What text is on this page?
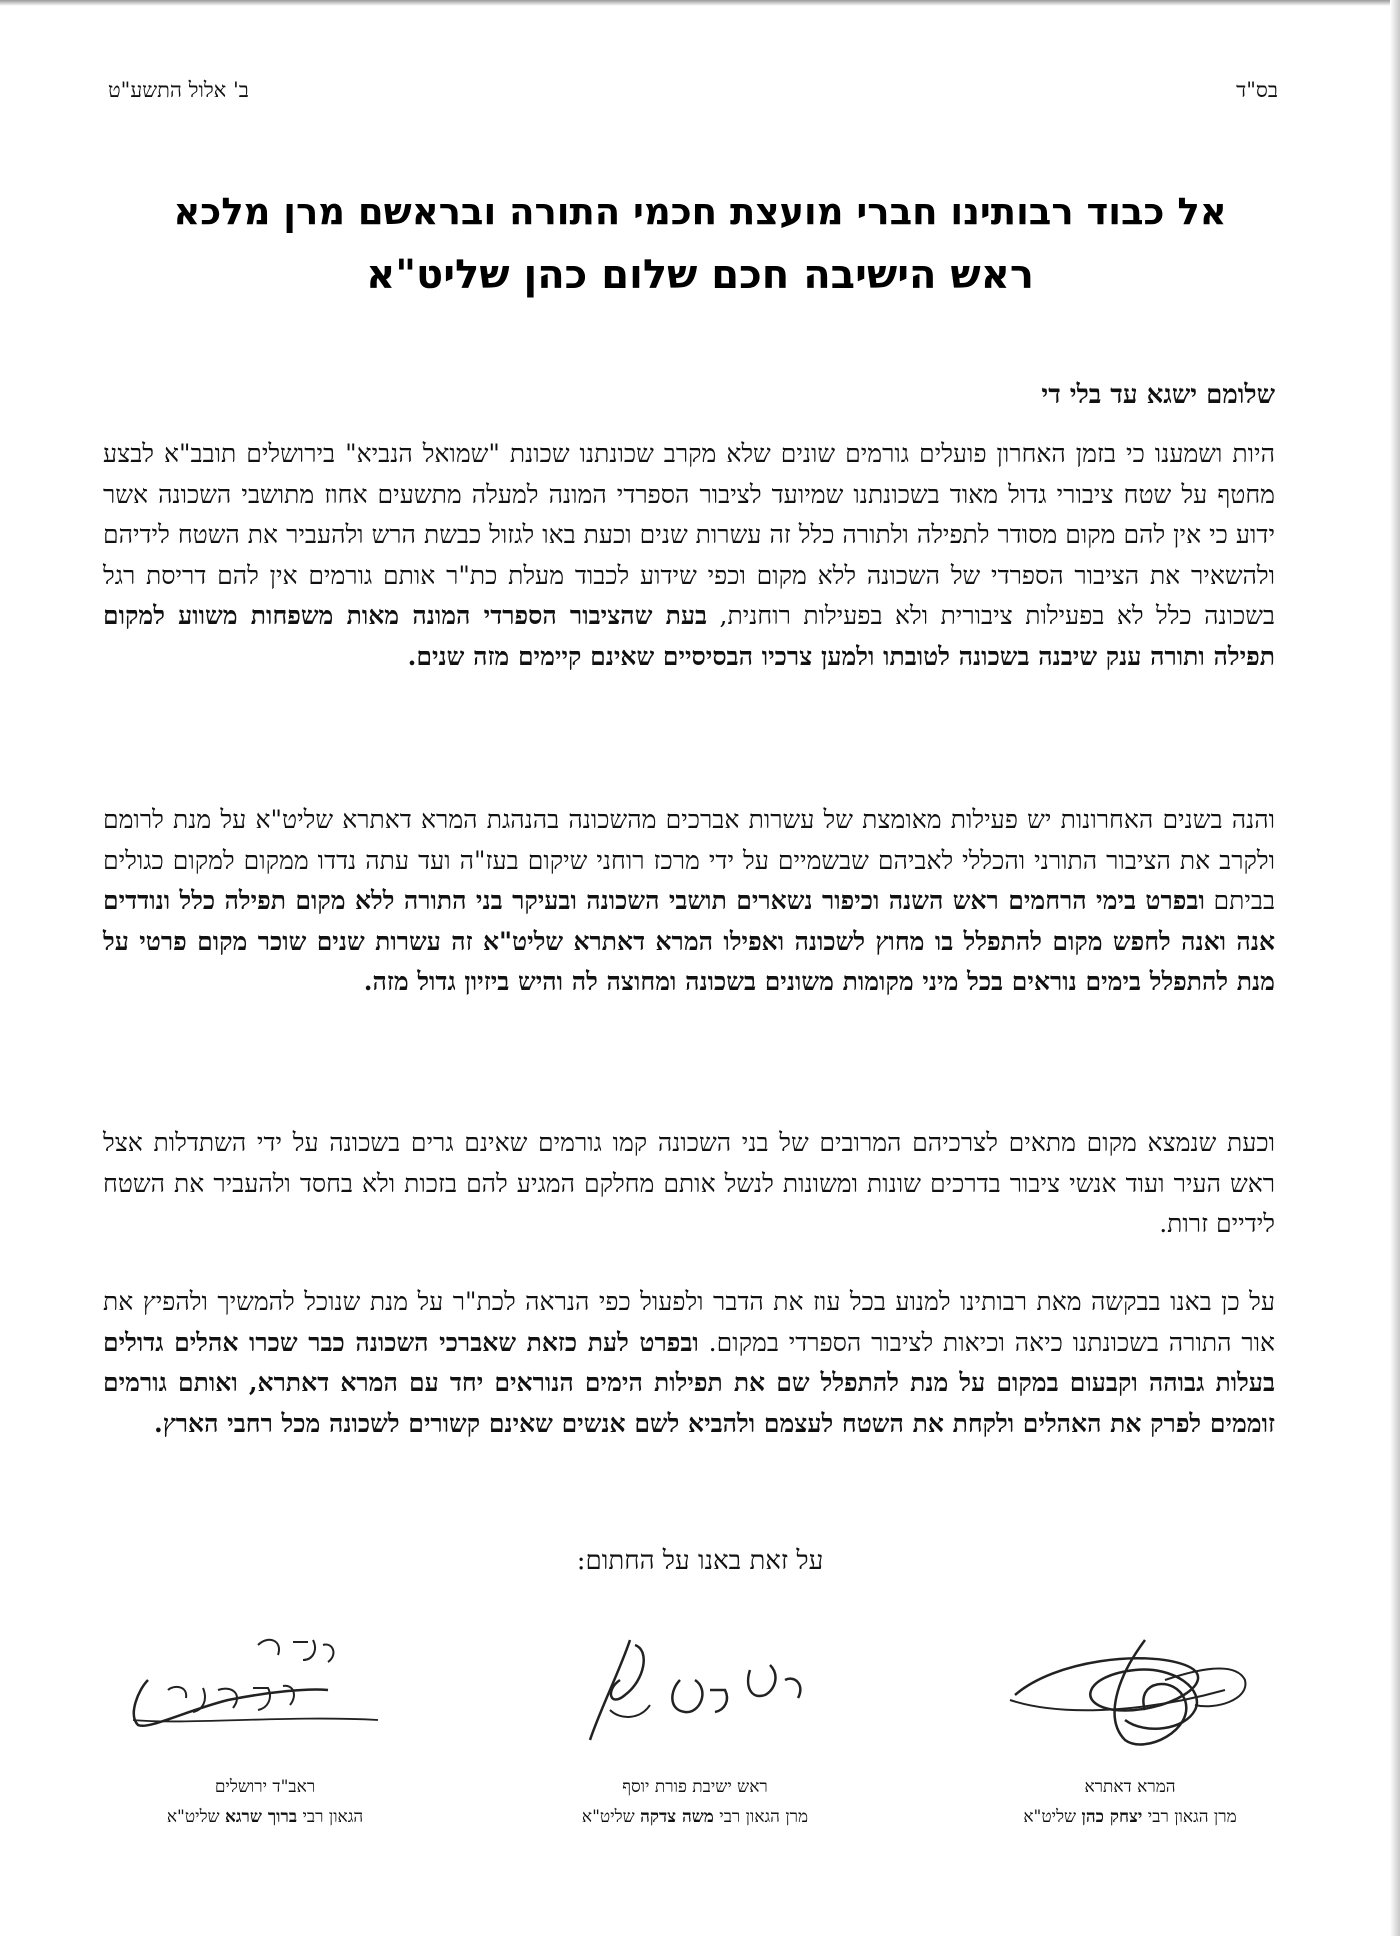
בס"ד
ב' אלול התשע"ט
אל כבוד רבותינו חברי מועצת חכמי התורה ובראשם מרן מלכא
ראש הישיבה חכם שלום כהן שליט"א
שלומם ישגא עד בלי די

היות ושמענו כי בזמן האחרון פועלים גורמים שונים שלא מקרב שכונתנו שכונת "שמואל הנביא" בירושלים תובב"א לבצע מחטף על שטח ציבורי גדול מאוד בשכונתנו שמיועד לציבור הספרדי המונה למעלה מתשעים אחוז מתושבי השכונה אשר ידוע כי אין להם מקום מסודר לתפילה ולתורה כלל זה עשרות שנים וכעת באו לגזול כבשת הרש ולהעביר את השטח לידיהם ולהשאיר את הציבור הספרדי של השכונה ללא מקום וכפי שידוע לכבוד מעלת כת"ר אותם גורמים אין להם דריסת רגל בשכונה כלל לא בפעילות ציבורית ולא בפעילות רוחנית, בעת שהציבור הספרדי המונה מאות משפחות משווע למקום תפילה ותורה ענק שיבנה בשכונה לטובתו ולמען צרכיו הבסיסיים שאינם קיימים מזה שנים.

והנה בשנים האחרונות יש פעילות מאומצת של עשרות אברכים מהשכונה בהנהגת המרא דאתרא שליט"א על מנת לרומם ולקרב את הציבור התורני והכללי לאביהם שבשמיים על ידי מרכז רוחני שיקום בעז"ה ועד עתה נדדו ממקום למקום כגולים בביתם ובפרט בימי הרחמים ראש השנה וכיפור נשארים תושבי השכונה ובעיקר בני התורה ללא מקום תפילה כלל ונודדים אנה ואנה לחפש מקום להתפלל בו מחוץ לשכונה ואפילו המרא דאתרא שליט"א זה עשרות שנים שוכר מקום פרטי על מנת להתפלל בימים נוראים בכל מיני מקומות משונים בשכונה ומחוצה לה והיש ביזיון גדול מזה.

וכעת שנמצא מקום מתאים לצרכיהם המרובים של בני השכונה קמו גורמים שאינם גרים בשכונה על ידי השתדלות אצל ראש העיר ועוד אנשי ציבור בדרכים שונות ומשונות לנשל אותם מחלקם המגיע להם בזכות ולא בחסד ולהעביר את השטח לידיים זרות.

על כן באנו בבקשה מאת רבותינו למנוע בכל עוז את הדבר ולפעול כפי הנראה לכת"ר על מנת שנוכל להמשיך ולהפיץ את אור התורה בשכונתנו כיאה וכיאות לציבור הספרדי במקום. ובפרט לעת כזאת שאברכי השכונה כבר שכרו אהלים גדולים בעלות גבוהה וקבעום במקום על מנת להתפלל שם את תפילות הימים הנוראים יחד עם המרא דאתרא, ואותם גורמים זוממים לפרק את האהלים ולקחת את השטח לעצמם ולהביא לשם אנשים שאינם קשורים לשכונה מכל רחבי הארץ.

על זאת באנו על החתום:
המרא דאתרא
מרן הגאון רבי יצחק כהן שליט"א
ראש ישיבת פורת יוסף
מרן הגאון רבי משה צדקה שליט"א
ראב"ד ירושלים
הגאון רבי ברוך שרגא שליט"א
